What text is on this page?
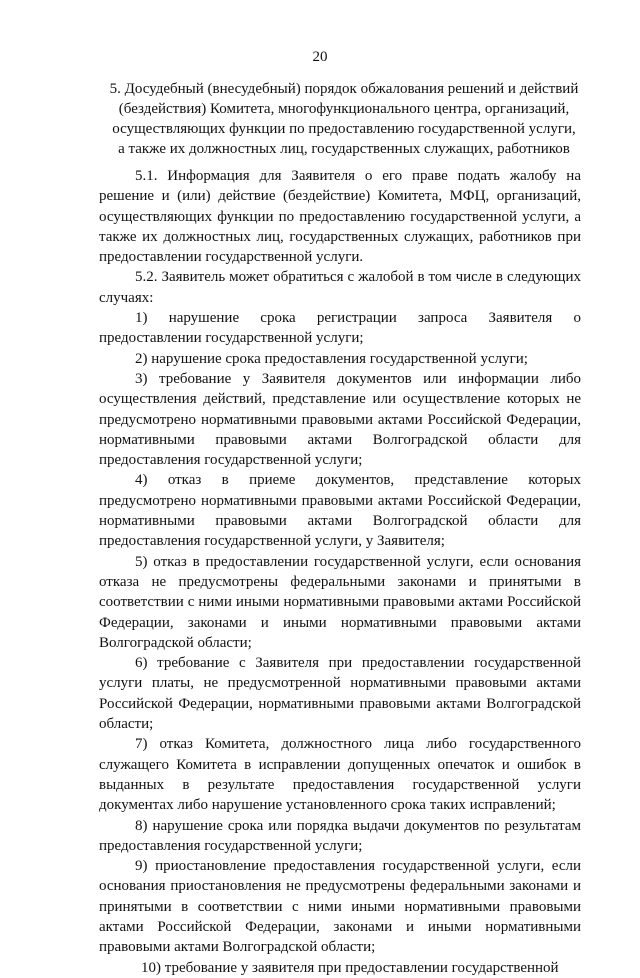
20
5. Досудебный (внесудебный) порядок обжалования решений и действий
(бездействия) Комитета, многофункционального центра, организаций,
осуществляющих функции по предоставлению государственной услуги,
а также их должностных лиц, государственных служащих, работников

5.1. Информация для Заявителя о его праве подать жалобу на решение и (или) действие (бездействие) Комитета, МФЦ, организаций, осуществляющих функции по предоставлению государственной услуги, а также их должностных лиц, государственных служащих, работников при предоставлении государственной услуги.

5.2. Заявитель может обратиться с жалобой в том числе в следующих случаях:

1) нарушение срока регистрации запроса Заявителя о предоставлении государственной услуги;

2) нарушение срока предоставления государственной услуги;

3) требование у Заявителя документов или информации либо осуществления действий, представление или осуществление которых не предусмотрено нормативными правовыми актами Российской Федерации, нормативными правовыми актами Волгоградской области для предоставления государственной услуги;

4) отказ в приеме документов, представление которых предусмотрено нормативными правовыми актами Российской Федерации, нормативными правовыми актами Волгоградской области для предоставления государственной услуги, у Заявителя;

5) отказ в предоставлении государственной услуги, если основания отказа не предусмотрены федеральными законами и принятыми в соответствии с ними иными нормативными правовыми актами Российской Федерации, законами и иными нормативными правовыми актами Волгоградской области;

6) требование с Заявителя при предоставлении государственной услуги платы, не предусмотренной нормативными правовыми актами Российской Федерации, нормативными правовыми актами Волгоградской области;

7) отказ Комитета, должностного лица либо государственного служащего Комитета в исправлении допущенных опечаток и ошибок в выданных в результате предоставления государственной услуги документах либо нарушение установленного срока таких исправлений;

8) нарушение срока или порядка выдачи документов по результатам предоставления государственной услуги;

9) приостановление предоставления государственной услуги, если основания приостановления не предусмотрены федеральными законами и принятыми в соответствии с ними иными нормативными правовыми актами Российской Федерации, законами и иными нормативными правовыми актами Волгоградской области;

10) требование у заявителя при предоставлении государственной
